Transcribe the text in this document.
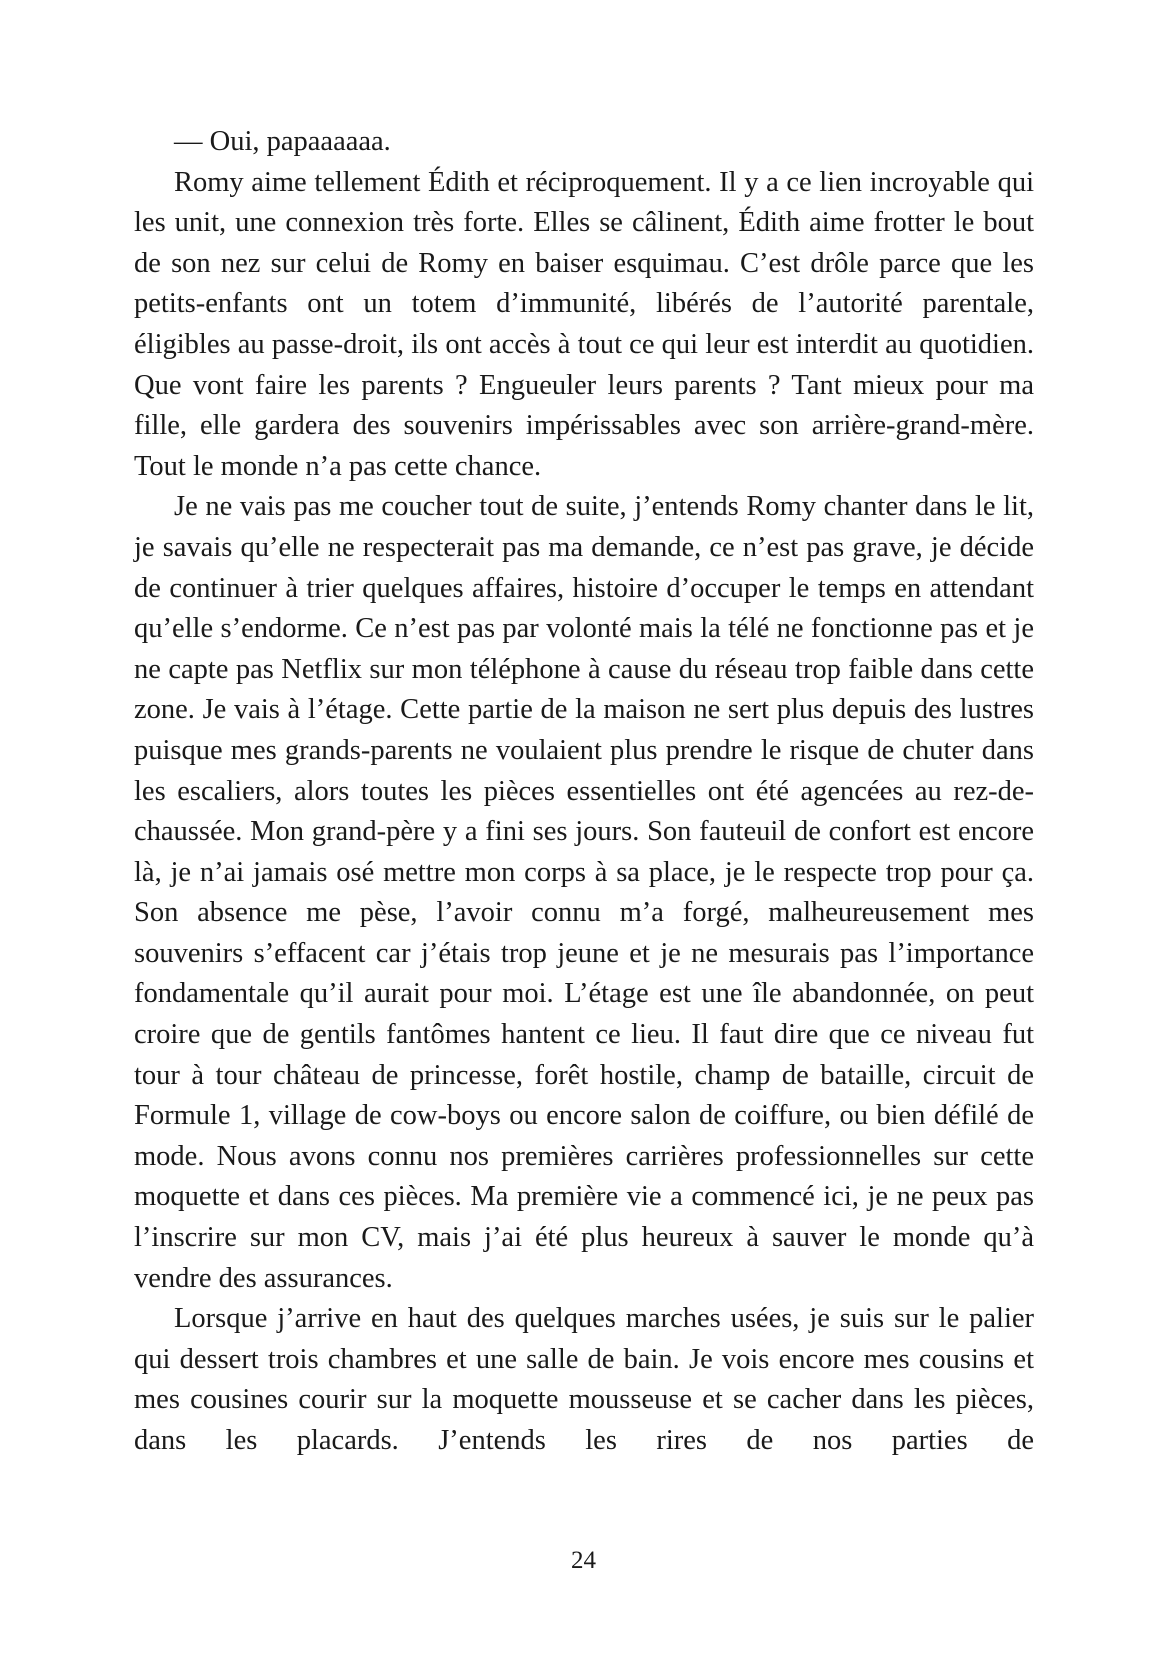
— Oui, papaaaaaa.

Romy aime tellement Édith et réciproquement. Il y a ce lien incroyable qui les unit, une connexion très forte. Elles se câlinent, Édith aime frotter le bout de son nez sur celui de Romy en baiser esquimau. C’est drôle parce que les petits-enfants ont un totem d’immunité, libérés de l’autorité parentale, éligibles au passe-droit, ils ont accès à tout ce qui leur est interdit au quotidien. Que vont faire les parents ? Engueuler leurs parents ? Tant mieux pour ma fille, elle gardera des souvenirs impérissables avec son arrière-grand-mère. Tout le monde n’a pas cette chance.

Je ne vais pas me coucher tout de suite, j’entends Romy chanter dans le lit, je savais qu’elle ne respecterait pas ma demande, ce n’est pas grave, je décide de continuer à trier quelques affaires, histoire d’occuper le temps en attendant qu’elle s’endorme. Ce n’est pas par volonté mais la télé ne fonctionne pas et je ne capte pas Netflix sur mon téléphone à cause du réseau trop faible dans cette zone. Je vais à l’étage. Cette partie de la maison ne sert plus depuis des lustres puisque mes grands-parents ne voulaient plus prendre le risque de chuter dans les escaliers, alors toutes les pièces essentielles ont été agencées au rez-de-chaussée. Mon grand-père y a fini ses jours. Son fauteuil de confort est encore là, je n’ai jamais osé mettre mon corps à sa place, je le respecte trop pour ça. Son absence me pèse, l’avoir connu m’a forgé, malheureusement mes souvenirs s’effacent car j’étais trop jeune et je ne mesurais pas l’importance fondamentale qu’il aurait pour moi. L’étage est une île abandonnée, on peut croire que de gentils fantômes hantent ce lieu. Il faut dire que ce niveau fut tour à tour château de princesse, forêt hostile, champ de bataille, circuit de Formule 1, village de cow-boys ou encore salon de coiffure, ou bien défilé de mode. Nous avons connu nos premières carrières professionnelles sur cette moquette et dans ces pièces. Ma première vie a commencé ici, je ne peux pas l’inscrire sur mon CV, mais j’ai été plus heureux à sauver le monde qu’à vendre des assurances.

Lorsque j’arrive en haut des quelques marches usées, je suis sur le palier qui dessert trois chambres et une salle de bain. Je vois encore mes cousins et mes cousines courir sur la moquette mousseuse et se cacher dans les pièces, dans les placards. J’entends les rires de nos parties de

24
